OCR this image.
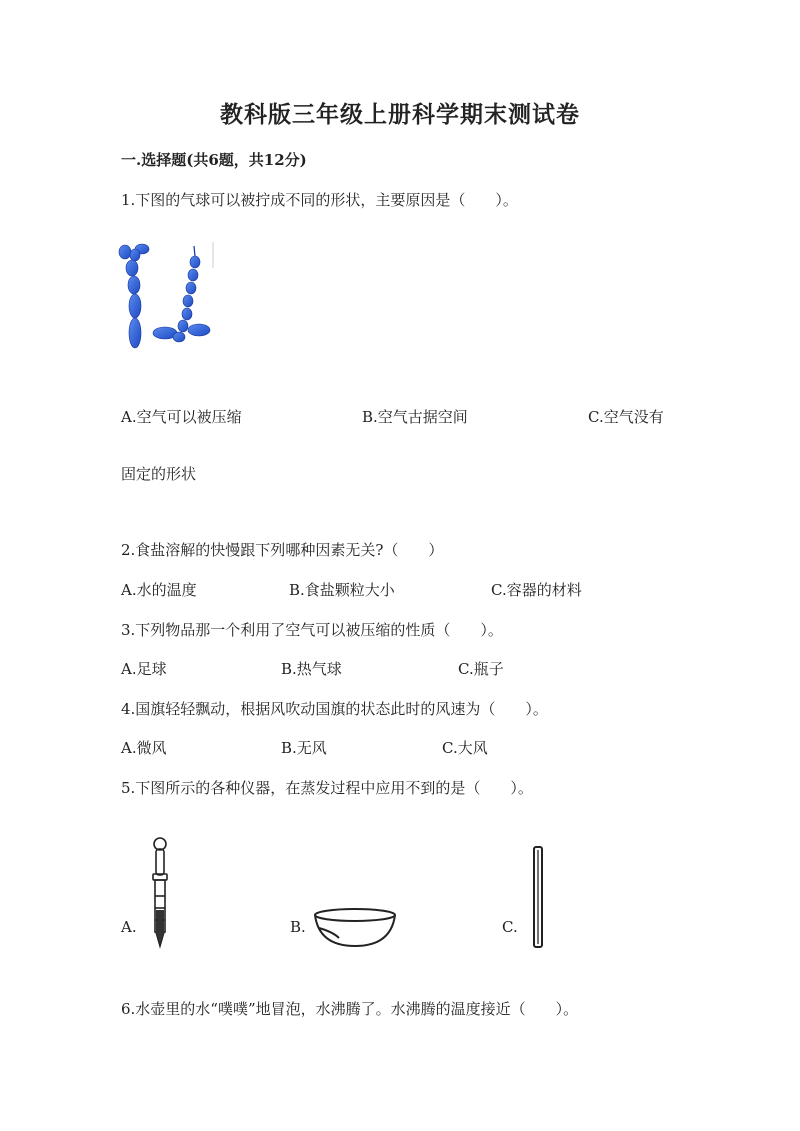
教科版三年级上册科学期末测试卷
一.选择题(共6题，共12分)
1.下图的气球可以被拧成不同的形状，主要原因是（　　）。
A.空气可以被压缩	B.空气古据空间	C.空气没有
固定的形状
2.食盐溶解的快慢跟下列哪种因素无关?（　　）
A.水的温度	B.食盐颗粒大小	C.容器的材料
3.下列物品那一个利用了空气可以被压缩的性质（　　）。
A.足球	B.热气球	C.瓶子
4.国旗轻轻飘动，根据风吹动国旗的状态此时的风速为（　　）。
A.微风	B.无风	C.大风
5.下图所示的各种仪器，在蒸发过程中应用不到的是（　　）。
A.	B.	C.
6.水壶里的水“噗噗”地冒泡，水沸腾了。水沸腾的温度接近（　　）。
